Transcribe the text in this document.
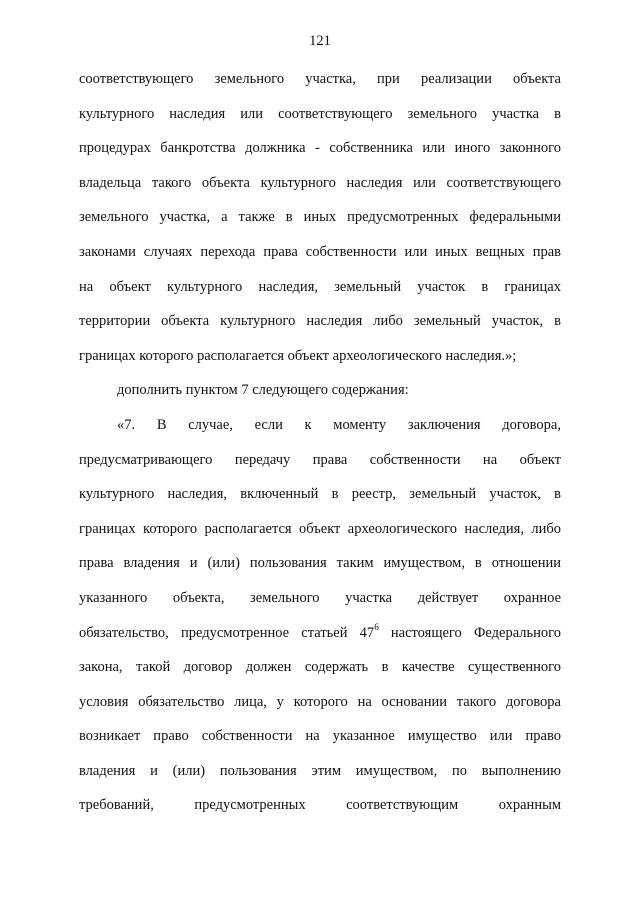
121
соответствующего земельного участка, при реализации объекта
культурного наследия или соответствующего земельного участка в
процедурах банкротства должника - собственника или иного законного
владельца такого объекта культурного наследия или соответствующего
земельного участка, а также в иных предусмотренных федеральными
законами случаях перехода права собственности или иных вещных прав
на объект культурного наследия, земельный участок в границах
территории объекта культурного наследия либо земельный участок, в
границах которого располагается объект археологического наследия.»;
дополнить пунктом 7 следующего содержания:
«7. В случае, если к моменту заключения договора,
предусматривающего передачу права собственности на объект
культурного наследия, включенный в реестр, земельный участок, в
границах которого располагается объект археологического наследия, либо
права владения и (или) пользования таким имуществом, в отношении
указанного объекта, земельного участка действует охранное
обязательство, предусмотренное статьей $47^6$ настоящего Федерального
закона, такой договор должен содержать в качестве существенного
условия обязательство лица, у которого на основании такого договора
возникает право собственности на указанное имущество или право
владения и (или) пользования этим имуществом, по выполнению
требований, предусмотренных соответствующим охранным
